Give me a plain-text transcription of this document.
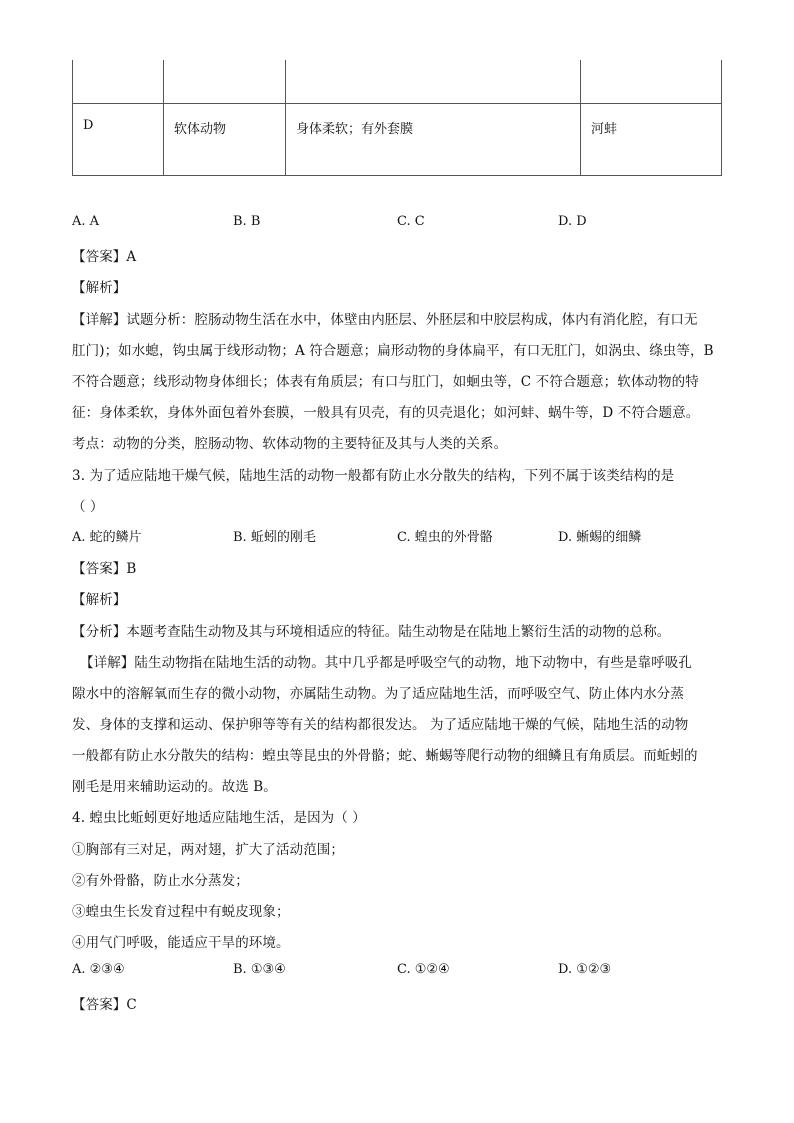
D	软体动物	身体柔软；有外套膜	河蚌
A. A	B. B	C. C	D. D
【答案】A
【解析】
【详解】试题分析：腔肠动物生活在水中，体壁由内胚层、外胚层和中胶层构成，体内有消化腔，有口无
肛门)；如水螅，钩虫属于线形动物；A 符合题意；扁形动物的身体扁平，有口无肛门，如涡虫、绦虫等，B
不符合题意；线形动物身体细长；体表有角质层；有口与肛门，如蛔虫等，C 不符合题意；软体动物的特
征：身体柔软，身体外面包着外套膜，一般具有贝壳，有的贝壳退化；如河蚌、蜗牛等，D 不符合题意。
考点：动物的分类，腔肠动物、软体动物的主要特征及其与人类的关系。
3. 为了适应陆地干燥气候，陆地生活的动物一般都有防止水分散失的结构，下列不属于该类结构的是
（ ）
A. 蛇的鳞片	B. 蚯蚓的刚毛	C. 蝗虫的外骨骼	D. 蜥蜴的细鳞
【答案】B
【解析】
【分析】本题考查陆生动物及其与环境相适应的特征。陆生动物是在陆地上繁衍生活的动物的总称。
【详解】陆生动物指在陆地生活的动物。其中几乎都是呼吸空气的动物，地下动物中，有些是靠呼吸孔
隙水中的溶解氧而生存的微小动物，亦属陆生动物。为了适应陆地生活，而呼吸空气、防止体内水分蒸
发、身体的支撑和运动、保护卵等等有关的结构都很发达。 为了适应陆地干燥的气候，陆地生活的动物
一般都有防止水分散失的结构：蝗虫等昆虫的外骨骼；蛇、蜥蜴等爬行动物的细鳞且有角质层。而蚯蚓的
刚毛是用来辅助运动的。故选 B。
4. 蝗虫比蚯蚓更好地适应陆地生活，是因为（ ）
①胸部有三对足，两对翅，扩大了活动范围；
②有外骨骼，防止水分蒸发；
③蝗虫生长发育过程中有蜕皮现象；
④用气门呼吸，能适应干旱的环境。
A. ②③④	B. ①③④	C. ①②④	D. ①②③
【答案】C
